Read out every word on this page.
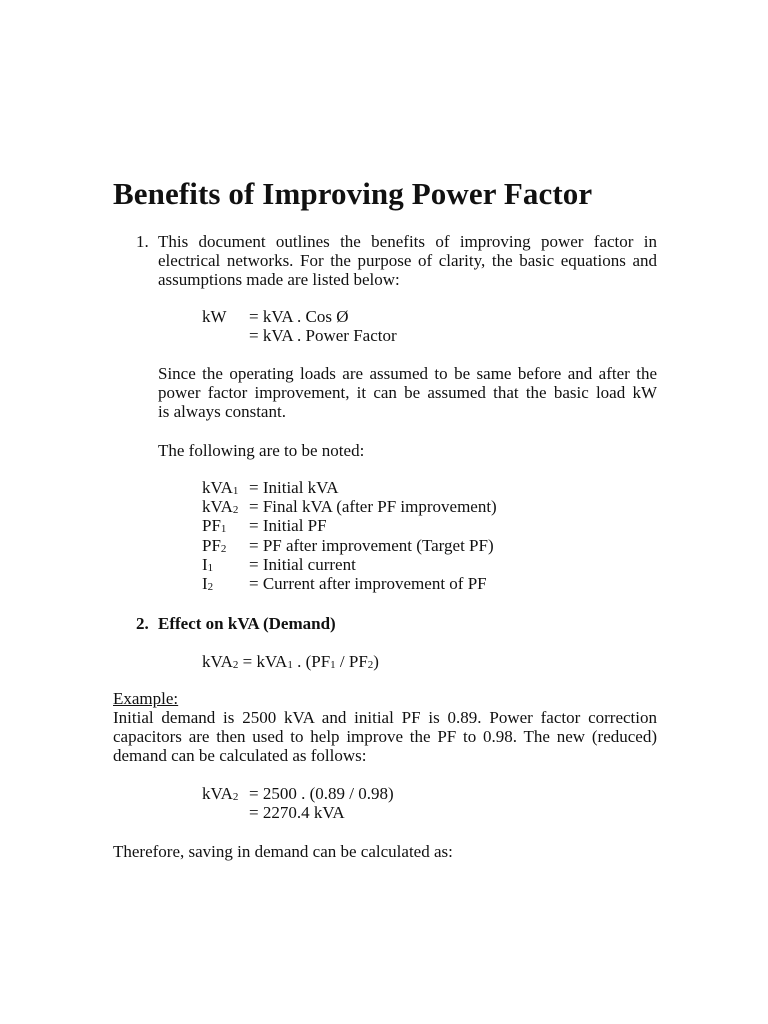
Benefits of Improving Power Factor
1. This document outlines the benefits of improving power factor in
electrical networks. For the purpose of clarity, the basic equations and
assumptions made are listed below:
kW = kVA . Cos Ø
= kVA . Power Factor
Since the operating loads are assumed to be same before and after the
power factor improvement, it can be assumed that the basic load kW
is always constant.
The following are to be noted:
kVA$_1$ = Initial kVA
kVA$_2$ = Final kVA (after PF improvement)
$PF_1$ = Initial PF
$PF_2$ = PF after improvement (Target PF)
$I_1$ = Initial current
$I_2$ = Current after improvement of PF
2. Effect on kVA (Demand)
kVA$_2$ = kVA$_1$ . $(PF_1 / PF_2)$
Example:
Initial demand is 2500 kVA and initial PF is 0.89. Power factor correction
capacitors are then used to help improve the PF to 0.98. The new (reduced)
demand can be calculated as follows:
kVA$_2$ = 2500 . (0.89 / 0.98)
= 2270.4 kVA
Therefore, saving in demand can be calculated as:
